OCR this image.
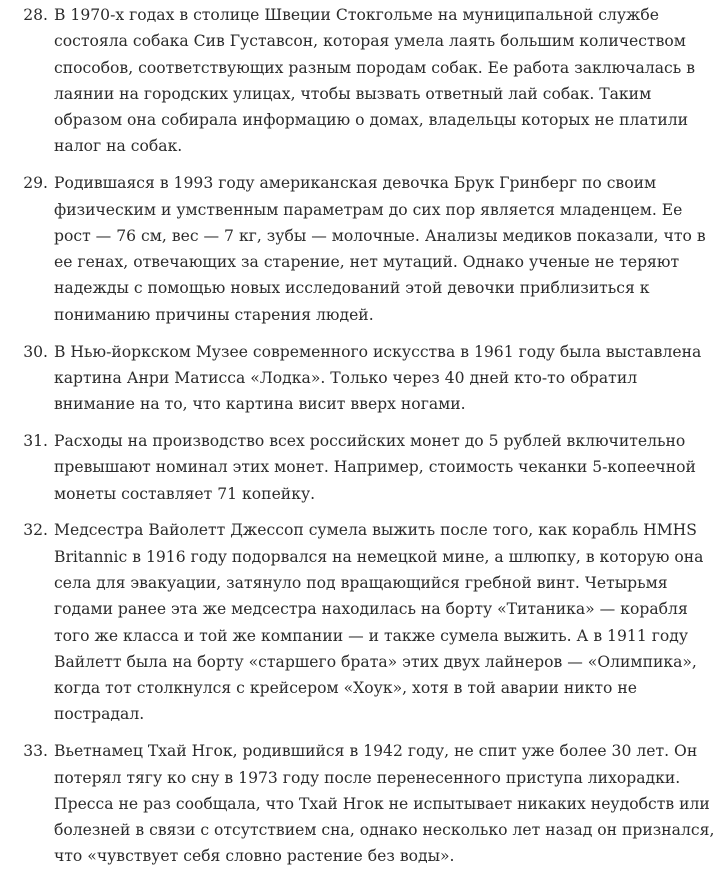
28. В 1970-х годах в столице Швеции Стокгольме на муниципальной службе состояла собака Сив Густавсон, которая умела лаять большим количеством способов, соответствующих разным породам собак. Ее работа заключалась в лаянии на городских улицах, чтобы вызвать ответный лай собак. Таким образом она собирала информацию о домах, владельцы которых не платили налог на собак.
29. Родившаяся в 1993 году американская девочка Брук Гринберг по своим физическим и умственным параметрам до сих пор является младенцем. Ее рост — 76 см, вес — 7 кг, зубы — молочные. Анализы медиков показали, что в ее генах, отвечающих за старение, нет мутаций. Однако ученые не теряют надежды с помощью новых исследований этой девочки приблизиться к пониманию причины старения людей.
30. В Нью-йоркском Музее современного искусства в 1961 году была выставлена картина Анри Матисса «Лодка». Только через 40 дней кто-то обратил внимание на то, что картина висит вверх ногами.
31. Расходы на производство всех российских монет до 5 рублей включительно превышают номинал этих монет. Например, стоимость чеканки 5-копеечной монеты составляет 71 копейку.
32. Медсестра Вайолетт Джессоп сумела выжить после того, как корабль HMHS Britannic в 1916 году подорвался на немецкой мине, а шлюпку, в которую она села для эвакуации, затянуло под вращающийся гребной винт. Четырьмя годами ранее эта же медсестра находилась на борту «Титаника» — корабля того же класса и той же компании — и также сумела выжить. А в 1911 году Вайлетт была на борту «старшего брата» этих двух лайнеров — «Олимпика», когда тот столкнулся с крейсером «Хоук», хотя в той аварии никто не пострадал.
33. Вьетнамец Тхай Нгок, родившийся в 1942 году, не спит уже более 30 лет. Он потерял тягу ко сну в 1973 году после перенесенного приступа лихорадки. Пресса не раз сообщала, что Тхай Нгок не испытывает никаких неудобств или болезней в связи с отсутствием сна, однако несколько лет назад он признался, что «чувствует себя словно растение без воды».
